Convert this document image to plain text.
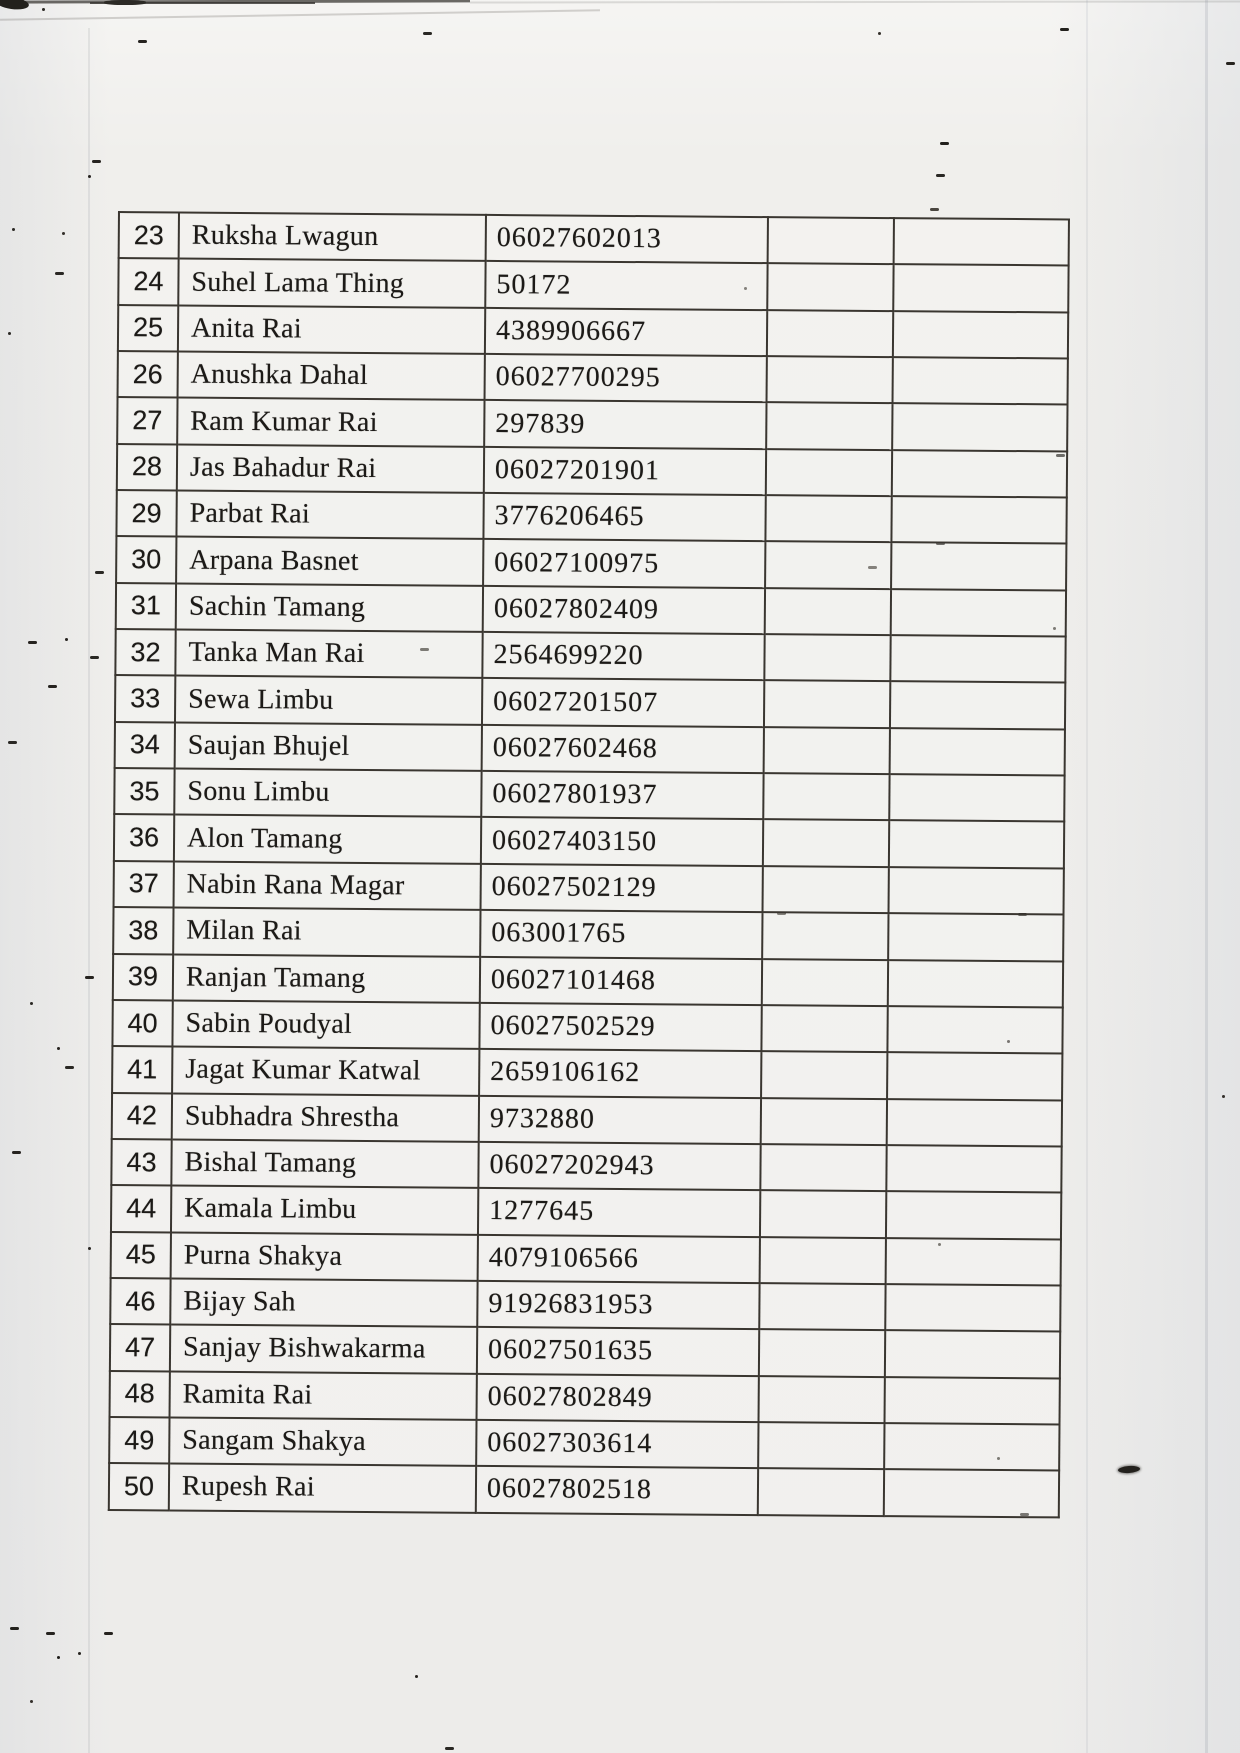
23	Ruksha Lwagun	06027602013		
24	Suhel Lama Thing	50172		
25	Anita Rai	4389906667		
26	Anushka Dahal	06027700295		
27	Ram Kumar Rai	297839		
28	Jas Bahadur Rai	06027201901		
29	Parbat Rai	3776206465		
30	Arpana Basnet	06027100975		
31	Sachin Tamang	06027802409		
32	Tanka Man Rai	2564699220		
33	Sewa Limbu	06027201507		
34	Saujan Bhujel	06027602468		
35	Sonu Limbu	06027801937		
36	Alon Tamang	06027403150		
37	Nabin Rana Magar	06027502129		
38	Milan Rai	063001765		
39	Ranjan Tamang	06027101468		
40	Sabin Poudyal	06027502529		
41	Jagat Kumar Katwal	2659106162		
42	Subhadra Shrestha	9732880		
43	Bishal Tamang	06027202943		
44	Kamala Limbu	1277645		
45	Purna Shakya	4079106566		
46	Bijay Sah	91926831953		
47	Sanjay Bishwakarma	06027501635		
48	Ramita Rai	06027802849		
49	Sangam Shakya	06027303614		
50	Rupesh Rai	06027802518		
